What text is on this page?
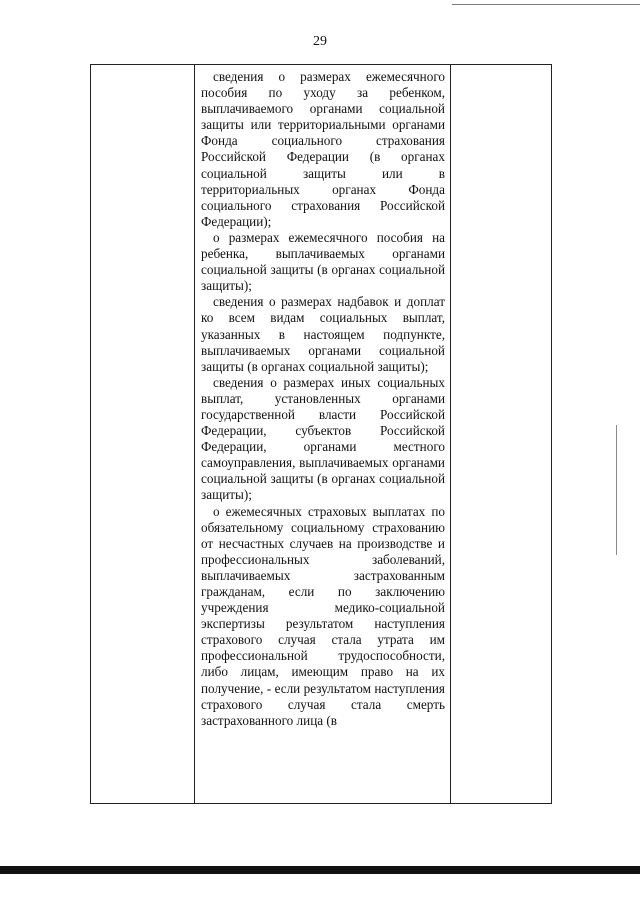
29

сведения о размерах ежемесячного пособия по уходу за ребенком, выплачиваемого органами социальной защиты или территориальными органами Фонда социального страхования Российской Федерации (в органах социальной защиты или в территориальных органах Фонда социального страхования Российской Федерации);

о размерах ежемесячного пособия на ребенка, выплачиваемых органами социальной защиты (в органах социальной защиты);

сведения о размерах надбавок и доплат ко всем видам социальных выплат, указанных в настоящем подпункте, выплачиваемых органами социальной защиты (в органах социальной защиты);

сведения о размерах иных социальных выплат, установленных органами государственной власти Российской Федерации, субъектов Российской Федерации, органами местного самоуправления, выплачиваемых органами социальной защиты (в органах социальной защиты);

о ежемесячных страховых выплатах по обязательному социальному страхованию от несчастных случаев на производстве и профессиональных заболеваний, выплачиваемых застрахованным гражданам, если по заключению учреждения медико-социальной экспертизы результатом наступления страхового случая стала утрата им профессиональной трудоспособности, либо лицам, имеющим право на их получение, - если результатом наступления страхового случая стала смерть застрахованного лица (в
